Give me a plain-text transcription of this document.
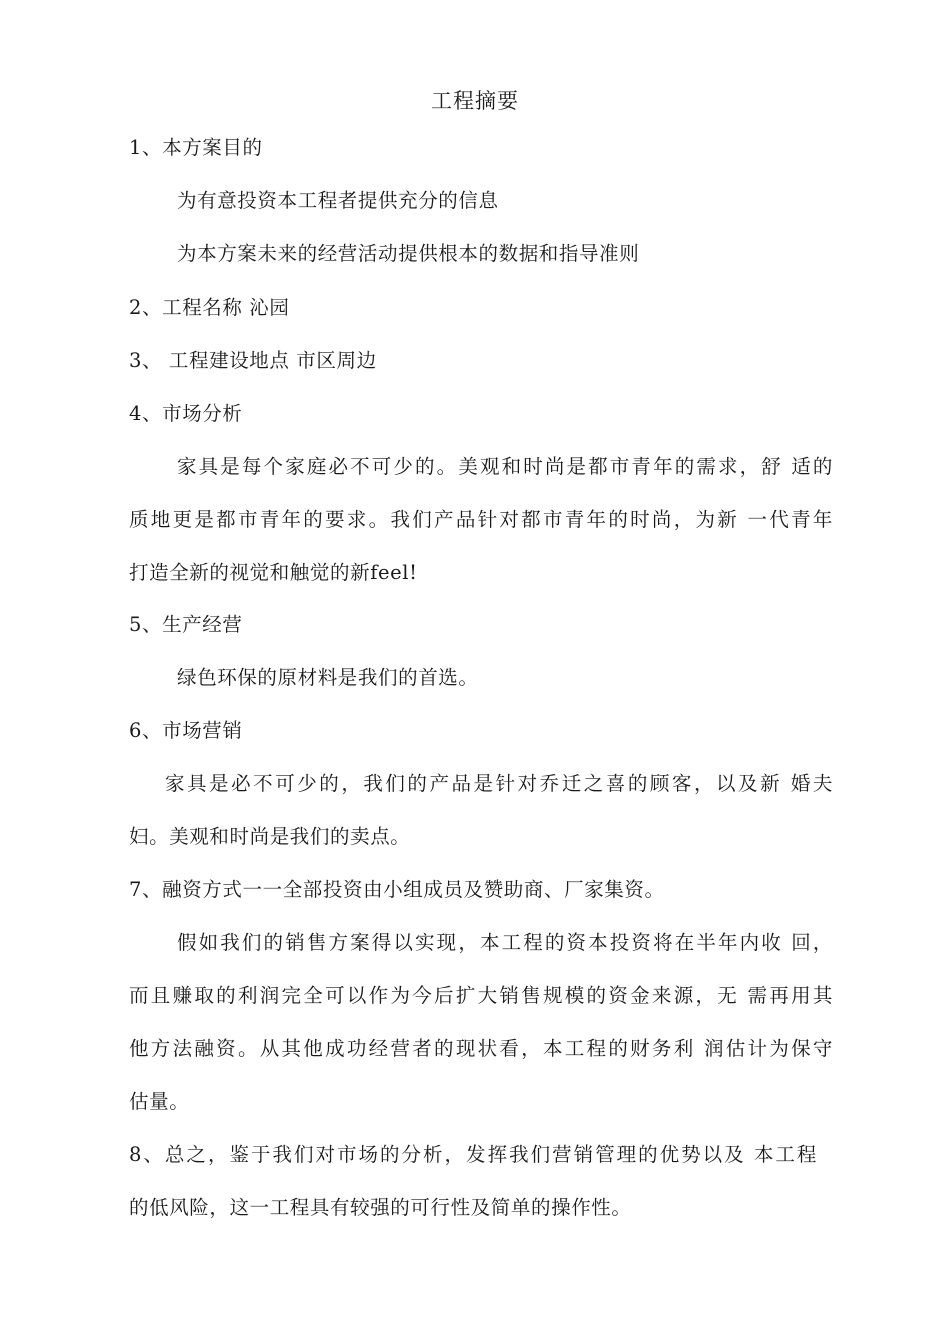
工程摘要
1、本方案目的
为有意投资本工程者提供充分的信息
为本方案未来的经营活动提供根本的数据和指导准则
2、工程名称 沁园
3、 工程建设地点 市区周边
4、市场分析
家具是每个家庭必不可少的。美观和时尚是都市青年的需求，舒 适的
质地更是都市青年的要求。我们产品针对都市青年的时尚，为新 一代青年
打造全新的视觉和触觉的新feel!
5、生产经营
绿色环保的原材料是我们的首选。
6、市场营销
家具是必不可少的，我们的产品是针对乔迁之喜的顾客，以及新 婚夫
妇。美观和时尚是我们的卖点。
7、融资方式一一全部投资由小组成员及赞助商、厂家集资。
假如我们的销售方案得以实现，本工程的资本投资将在半年内收 回，
而且赚取的利润完全可以作为今后扩大销售规模的资金来源，无 需再用其
他方法融资。从其他成功经营者的现状看，本工程的财务利 润估计为保守
估量。
8、总之，鉴于我们对市场的分析，发挥我们营销管理的优势以及 本工程
的低风险，这一工程具有较强的可行性及简单的操作性。
